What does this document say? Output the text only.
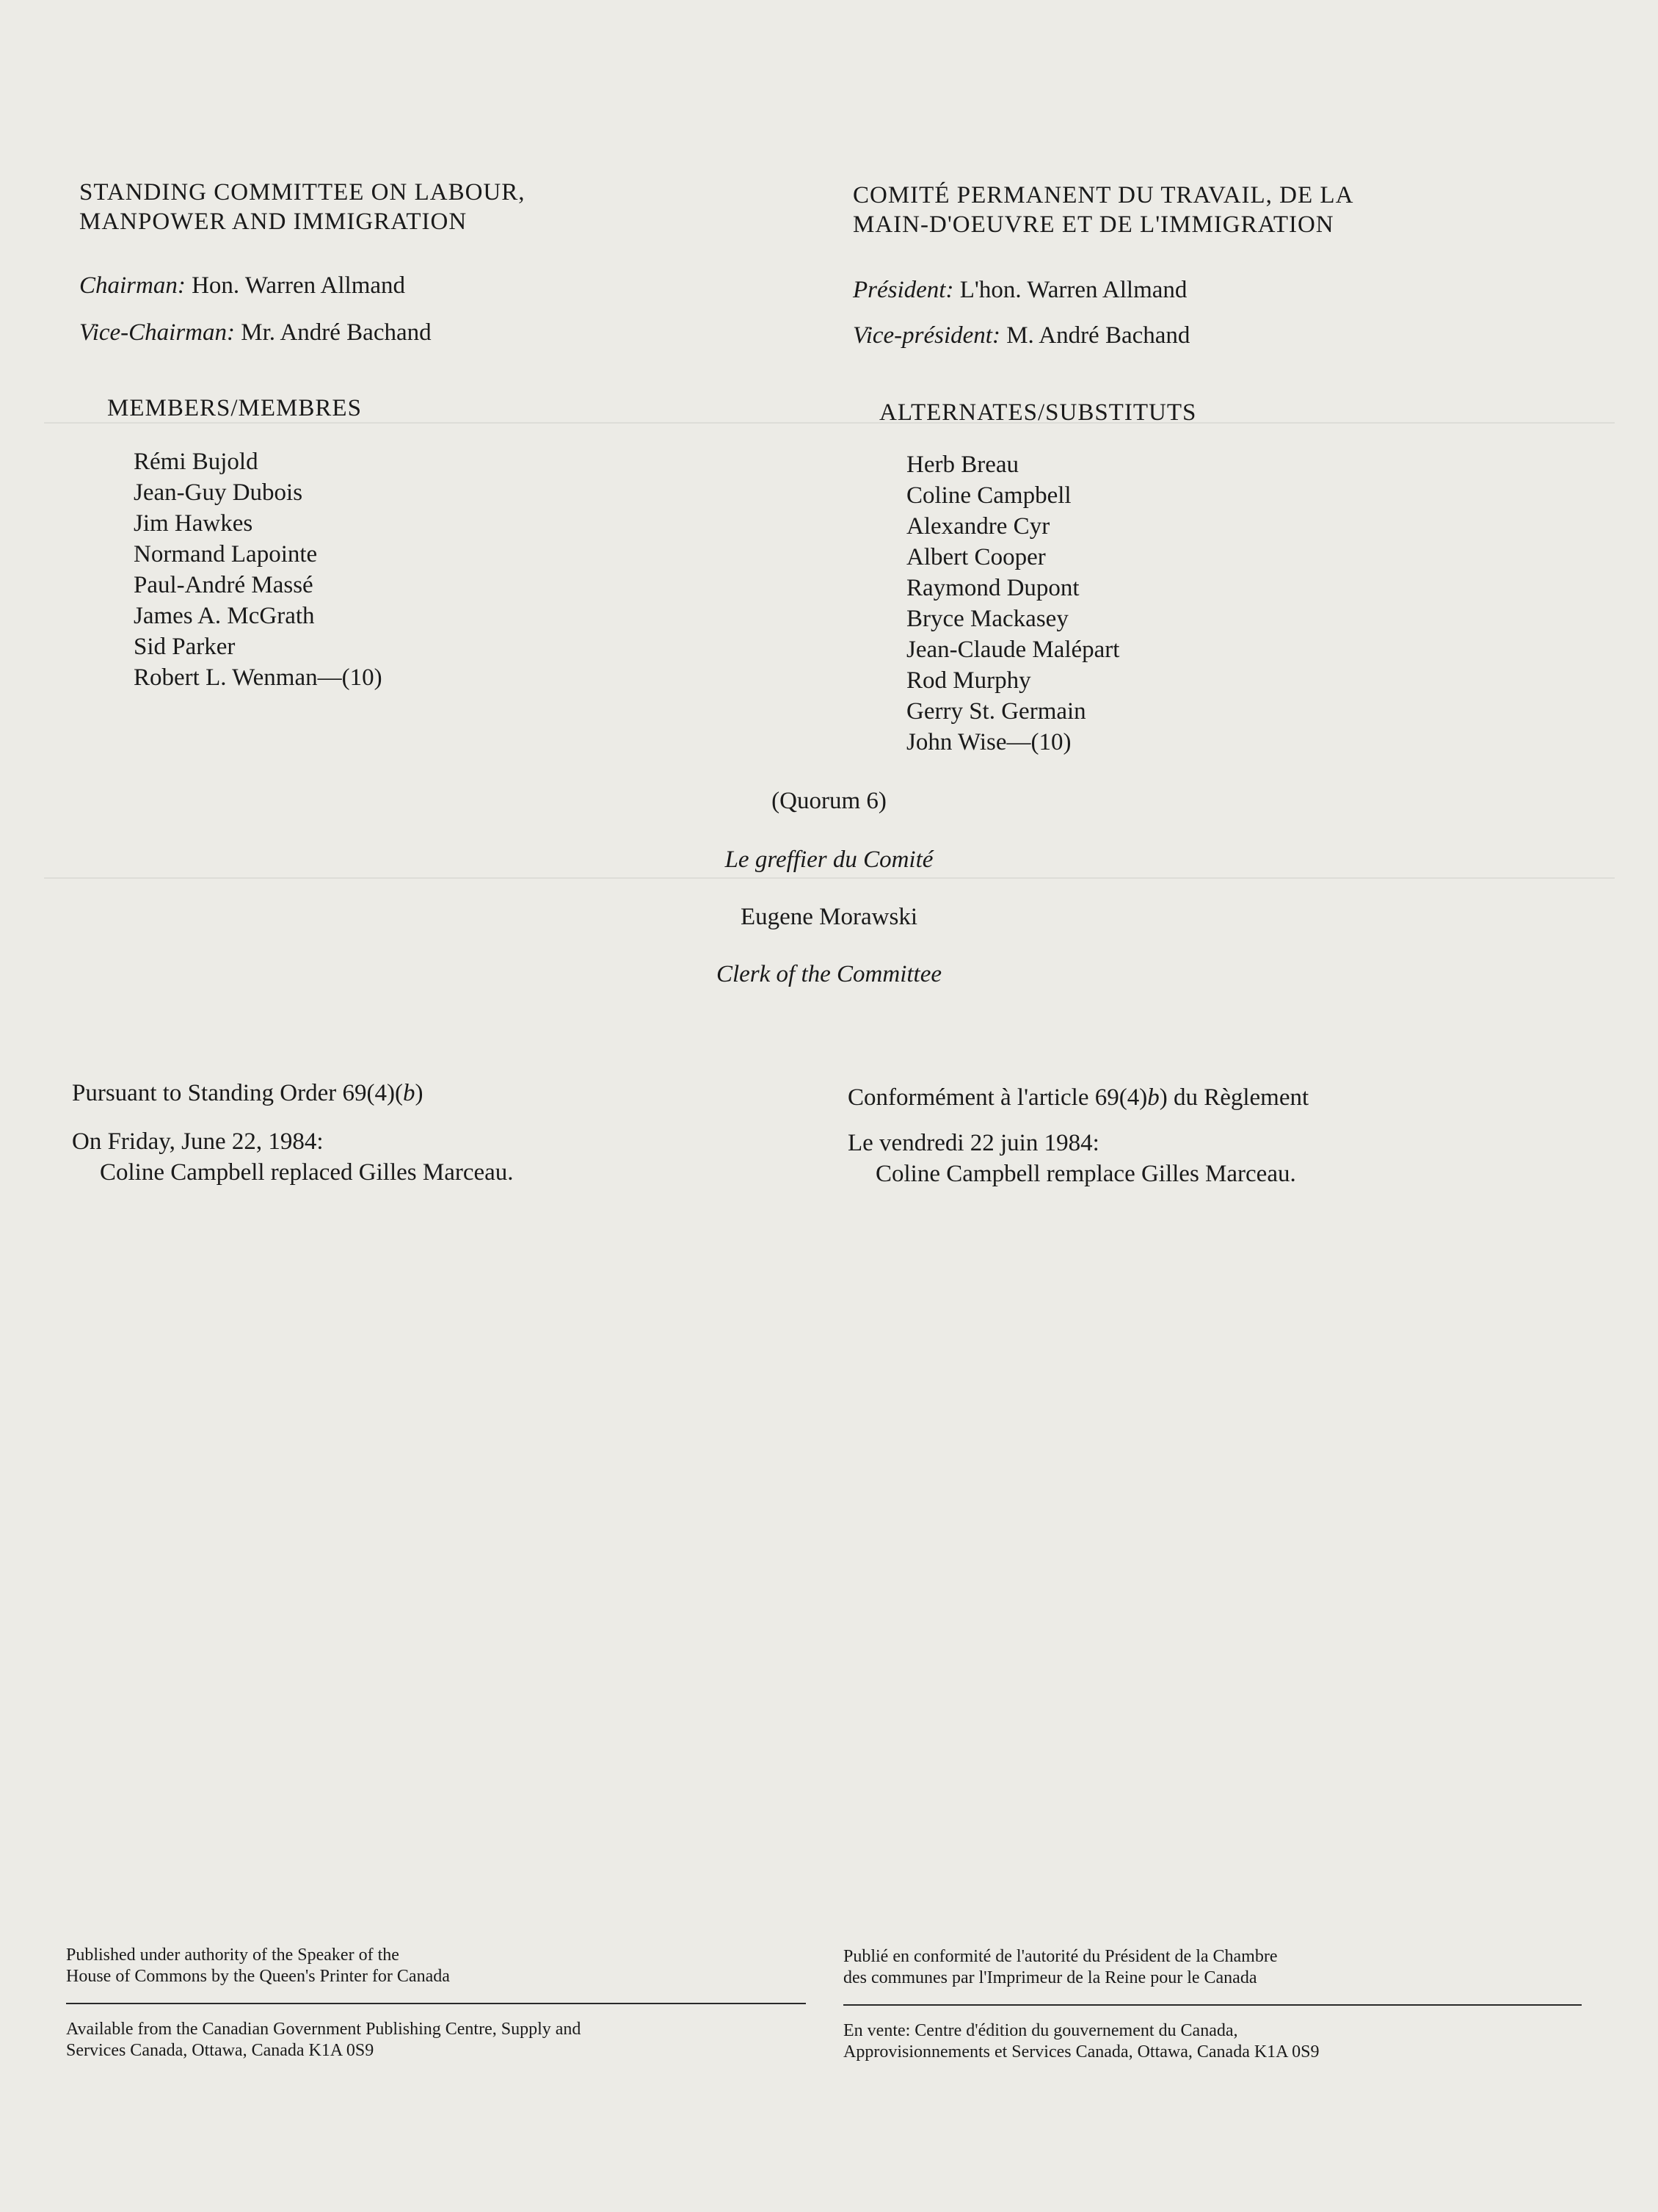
STANDING COMMITTEE ON LABOUR,
MANPOWER AND IMMIGRATION
Chairman: Hon. Warren Allmand
Vice-Chairman: Mr. André Bachand
MEMBERS/MEMBRES
Rémi Bujold
Jean-Guy Dubois
Jim Hawkes
Normand Lapointe
Paul-André Massé
James A. McGrath
Sid Parker
Robert L. Wenman—(10)
COMITÉ PERMANENT DU TRAVAIL, DE LA
MAIN-D'OEUVRE ET DE L'IMMIGRATION
Président: L'hon. Warren Allmand
Vice-président: M. André Bachand
ALTERNATES/SUBSTITUTS
Herb Breau
Coline Campbell
Alexandre Cyr
Albert Cooper
Raymond Dupont
Bryce Mackasey
Jean-Claude Malépart
Rod Murphy
Gerry St. Germain
John Wise—(10)
(Quorum 6)
Le greffier du Comité
Eugene Morawski
Clerk of the Committee
Pursuant to Standing Order 69(4)(b)
On Friday, June 22, 1984:
Coline Campbell replaced Gilles Marceau.
Conformément à l'article 69(4)b) du Règlement
Le vendredi 22 juin 1984:
Coline Campbell remplace Gilles Marceau.
Published under authority of the Speaker of the
House of Commons by the Queen's Printer for Canada
Available from the Canadian Government Publishing Centre, Supply and
Services Canada, Ottawa, Canada K1A 0S9
Publié en conformité de l'autorité du Président de la Chambre
des communes par l'Imprimeur de la Reine pour le Canada
En vente: Centre d'édition du gouvernement du Canada,
Approvisionnements et Services Canada, Ottawa, Canada K1A 0S9
